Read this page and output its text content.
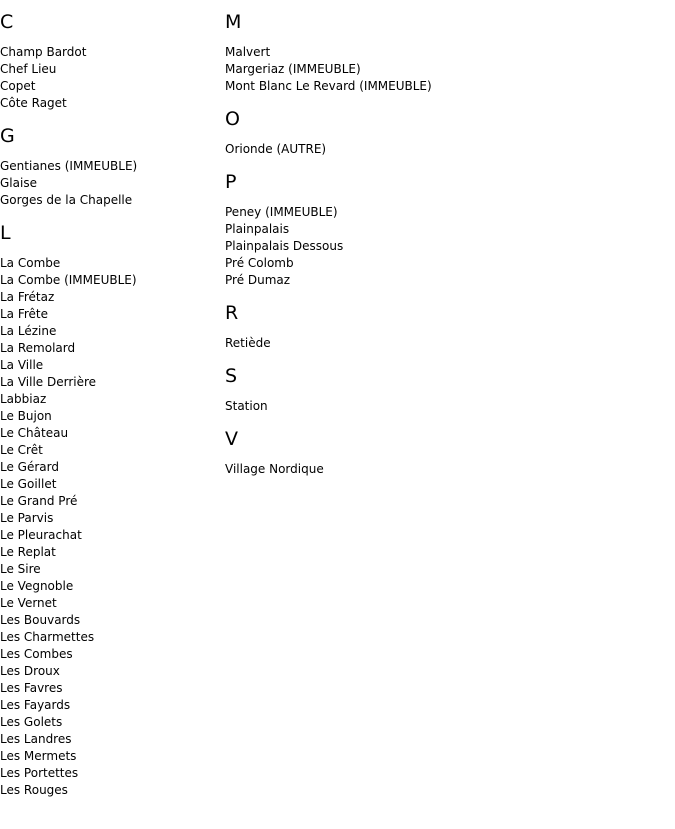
C
Champ Bardot
Chef Lieu
Copet
Côte Raget
G
Gentianes (IMMEUBLE)
Glaise
Gorges de la Chapelle
L
La Combe
La Combe (IMMEUBLE)
La Frétaz
La Frête
La Lézine
La Remolard
La Ville
La Ville Derrière
Labbiaz
Le Bujon
Le Château
Le Crêt
Le Gérard
Le Goillet
Le Grand Pré
Le Parvis
Le Pleurachat
Le Replat
Le Sire
Le Vegnoble
Le Vernet
Les Bouvards
Les Charmettes
Les Combes
Les Droux
Les Favres
Les Fayards
Les Golets
Les Landres
Les Mermets
Les Portettes
Les Rouges
M
Malvert
Margeriaz (IMMEUBLE)
Mont Blanc Le Revard (IMMEUBLE)
O
Orionde (AUTRE)
P
Peney (IMMEUBLE)
Plainpalais
Plainpalais Dessous
Pré Colomb
Pré Dumaz
R
Retiède
S
Station
V
Village Nordique
